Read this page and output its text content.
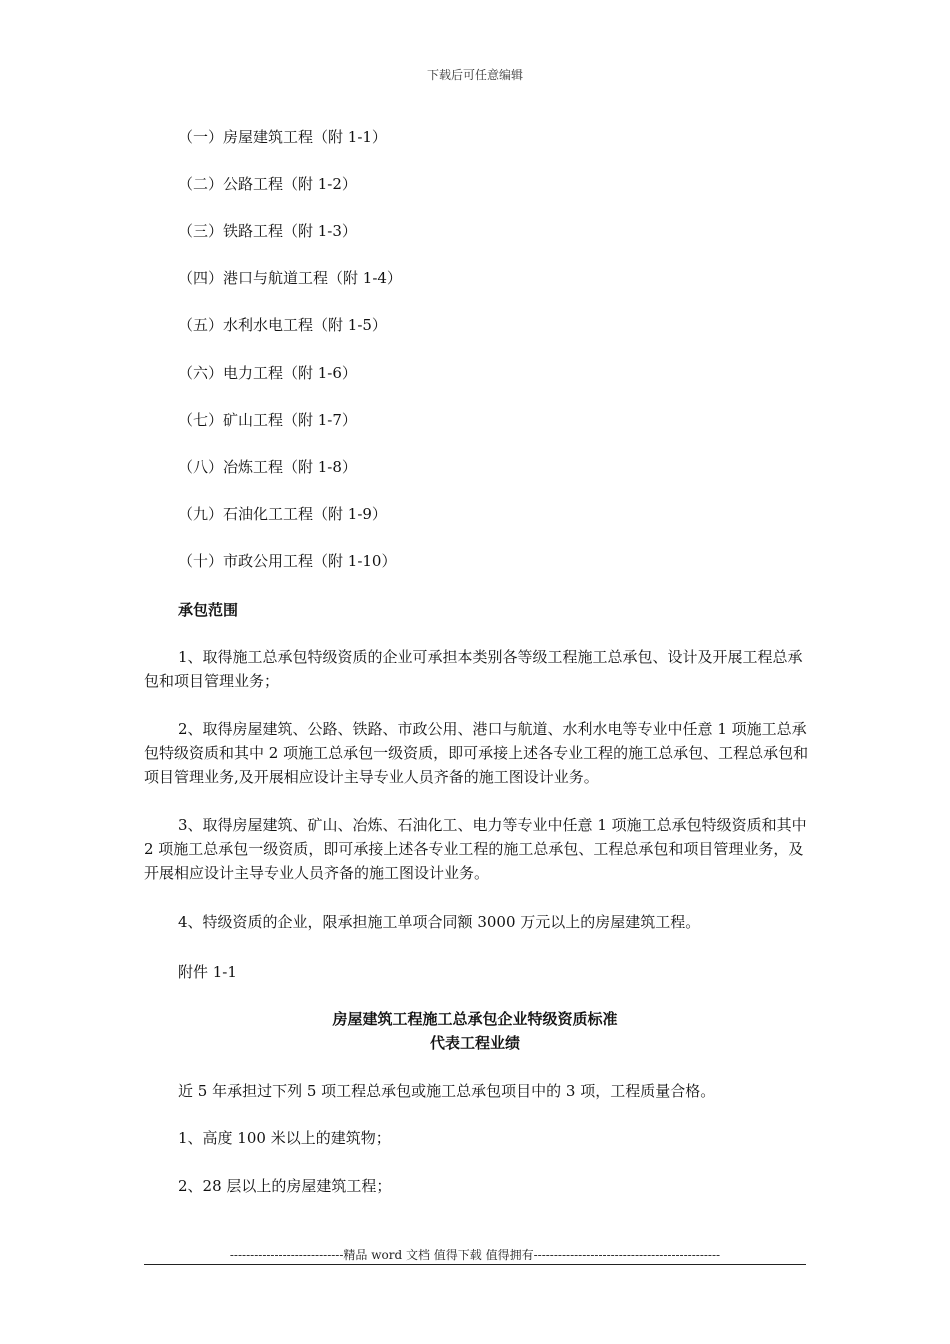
下载后可任意编辑
（一）房屋建筑工程（附 1-1）
（二）公路工程（附 1-2）
（三）铁路工程（附 1-3）
（四）港口与航道工程（附 1-4）
（五）水利水电工程（附 1-5）
（六）电力工程（附 1-6）
（七）矿山工程（附 1-7）
（八）冶炼工程（附 1-8）
（九）石油化工工程（附 1-9）
（十）市政公用工程（附 1-10）
承包范围
1、取得施工总承包特级资质的企业可承担本类别各等级工程施工总承包、设计及开展工程总承包和项目管理业务；
2、取得房屋建筑、公路、铁路、市政公用、港口与航道、水利水电等专业中任意 1 项施工总承包特级资质和其中 2 项施工总承包一级资质，即可承接上述各专业工程的施工总承包、工程总承包和项目管理业务,及开展相应设计主导专业人员齐备的施工图设计业务。
3、取得房屋建筑、矿山、冶炼、石油化工、电力等专业中任意 1 项施工总承包特级资质和其中 2 项施工总承包一级资质，即可承接上述各专业工程的施工总承包、工程总承包和项目管理业务，及开展相应设计主导专业人员齐备的施工图设计业务。
4、特级资质的企业，限承担施工单项合同额 3000 万元以上的房屋建筑工程。
附件 1-1
房屋建筑工程施工总承包企业特级资质标准
代表工程业绩
近 5 年承担过下列 5 项工程总承包或施工总承包项目中的 3 项，工程质量合格。
1、高度 100 米以上的建筑物；
2、28 层以上的房屋建筑工程；
----------------------------精品 word 文档 值得下载 值得拥有----------------------------------------------
